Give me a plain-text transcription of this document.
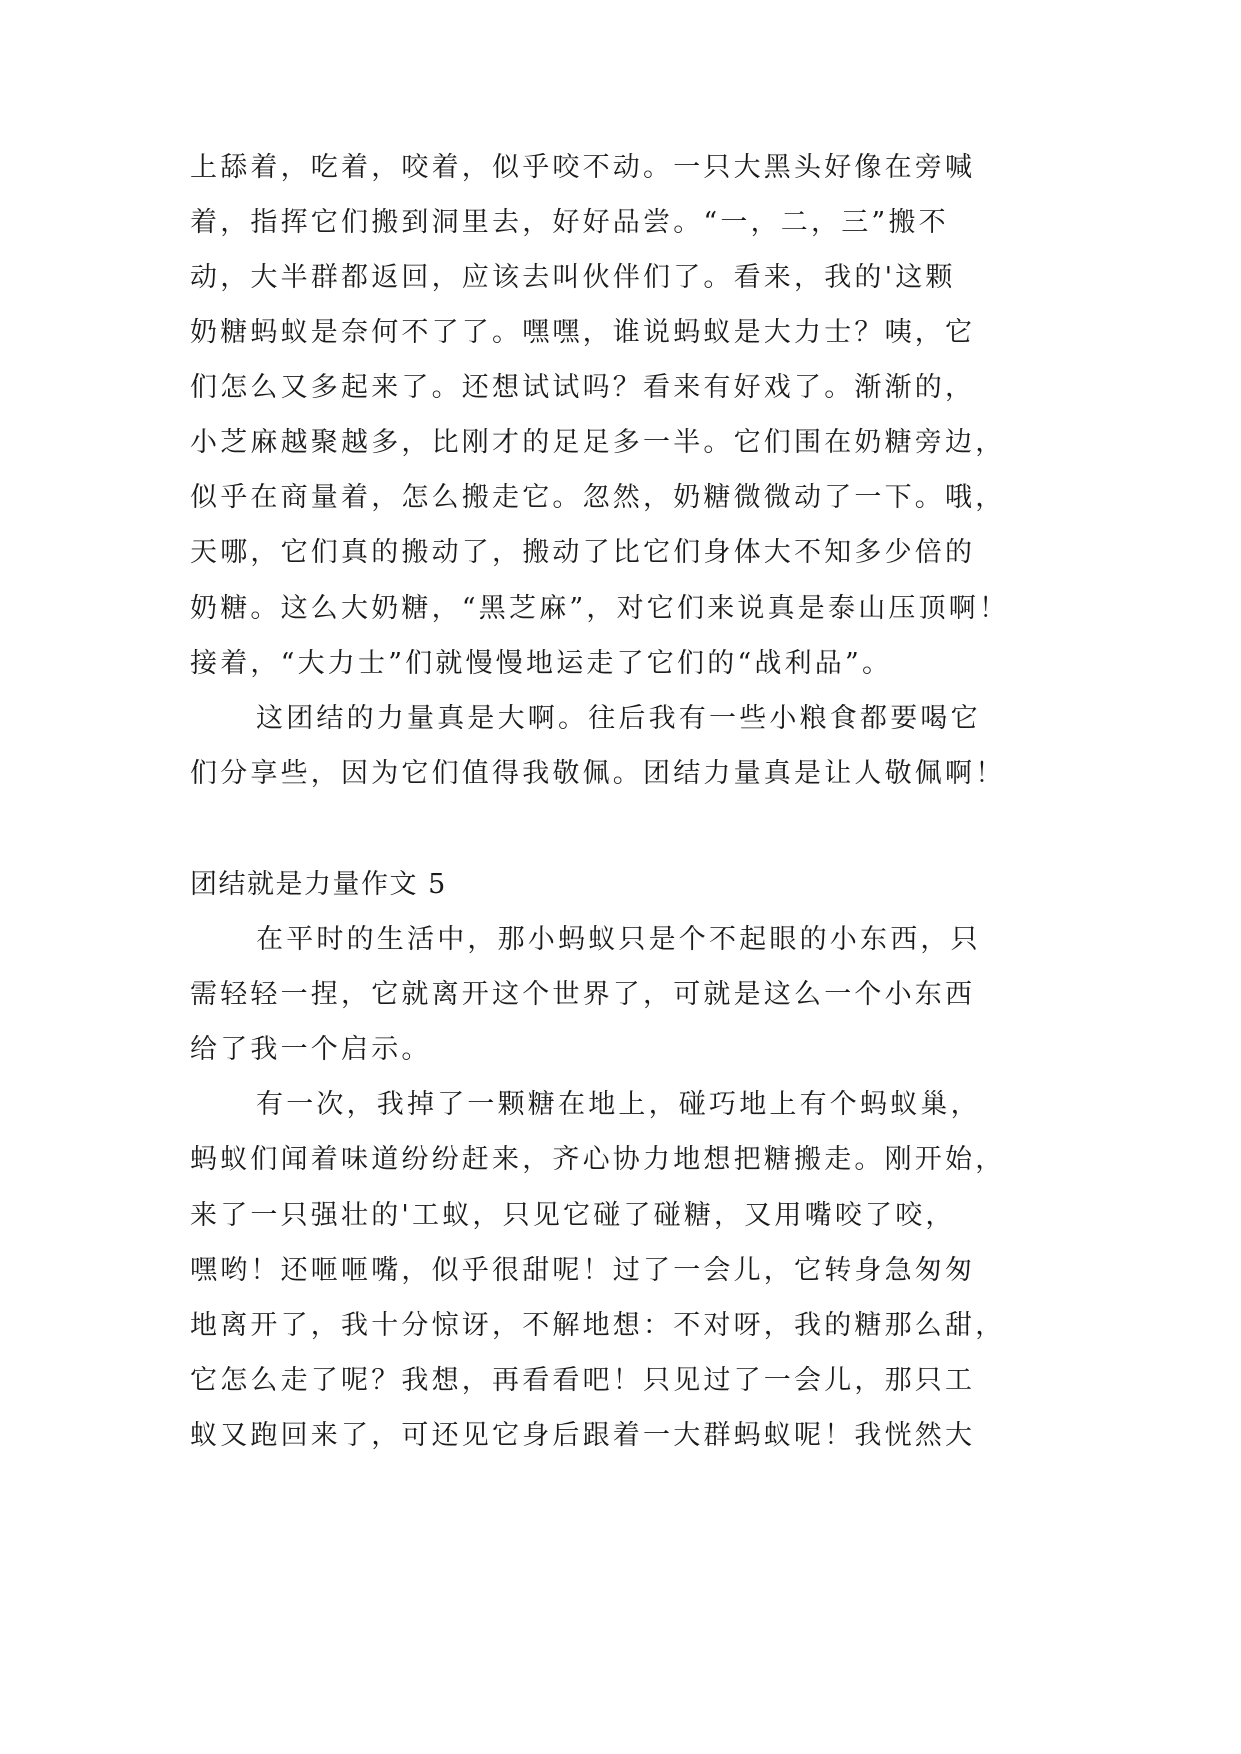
上舔着，吃着，咬着，似乎咬不动。一只大黑头好像在旁喊
着，指挥它们搬到洞里去，好好品尝。“一，二，三”搬不
动，大半群都返回，应该去叫伙伴们了。看来，我的'这颗
奶糖蚂蚁是奈何不了了。嘿嘿，谁说蚂蚁是大力士？咦，它
们怎么又多起来了。还想试试吗？看来有好戏了。渐渐的，
小芝麻越聚越多，比刚才的足足多一半。它们围在奶糖旁边，
似乎在商量着，怎么搬走它。忽然，奶糖微微动了一下。哦，
天哪，它们真的搬动了，搬动了比它们身体大不知多少倍的
奶糖。这么大奶糖，“黑芝麻”，对它们来说真是泰山压顶啊！
接着，“大力士”们就慢慢地运走了它们的“战利品”。
这团结的力量真是大啊。往后我有一些小粮食都要喝它
们分享些，因为它们值得我敬佩。团结力量真是让人敬佩啊！
团结就是力量作文 5
在平时的生活中，那小蚂蚁只是个不起眼的小东西，只
需轻轻一捏，它就离开这个世界了，可就是这么一个小东西
给了我一个启示。
有一次，我掉了一颗糖在地上，碰巧地上有个蚂蚁巢，
蚂蚁们闻着味道纷纷赶来，齐心协力地想把糖搬走。刚开始，
来了一只强壮的'工蚁，只见它碰了碰糖，又用嘴咬了咬，
嘿哟！还咂咂嘴，似乎很甜呢！过了一会儿，它转身急匆匆
地离开了，我十分惊讶，不解地想：不对呀，我的糖那么甜，
它怎么走了呢？我想，再看看吧！只见过了一会儿，那只工
蚁又跑回来了，可还见它身后跟着一大群蚂蚁呢！我恍然大
